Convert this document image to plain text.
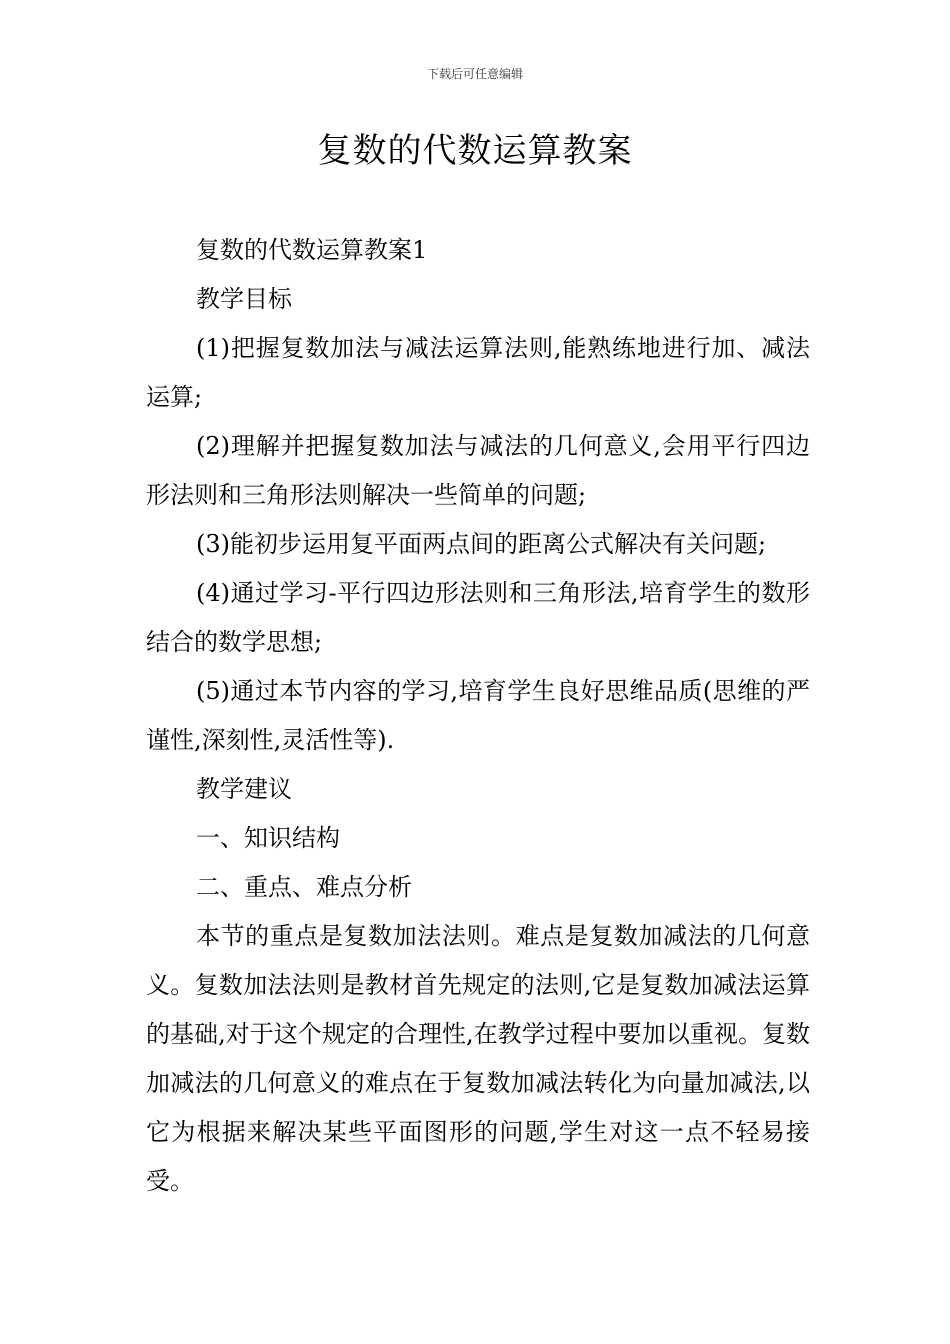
下载后可任意编辑
复数的代数运算教案

复数的代数运算教案1

教学目标

(1)把握复数加法与减法运算法则,能熟练地进行加、减法运算;

(2)理解并把握复数加法与减法的几何意义,会用平行四边形法则和三角形法则解决一些简单的问题;

(3)能初步运用复平面两点间的距离公式解决有关问题;

(4)通过学习-平行四边形法则和三角形法,培育学生的数形结合的数学思想;

(5)通过本节内容的学习,培育学生良好思维品质(思维的严谨性,深刻性,灵活性等).

教学建议

一、知识结构

二、重点、难点分析

本节的重点是复数加法法则。难点是复数加减法的几何意义。复数加法法则是教材首先规定的法则,它是复数加减法运算的基础,对于这个规定的合理性,在教学过程中要加以重视。复数加减法的几何意义的难点在于复数加减法转化为向量加减法,以它为根据来解决某些平面图形的问题,学生对这一点不轻易接受。
